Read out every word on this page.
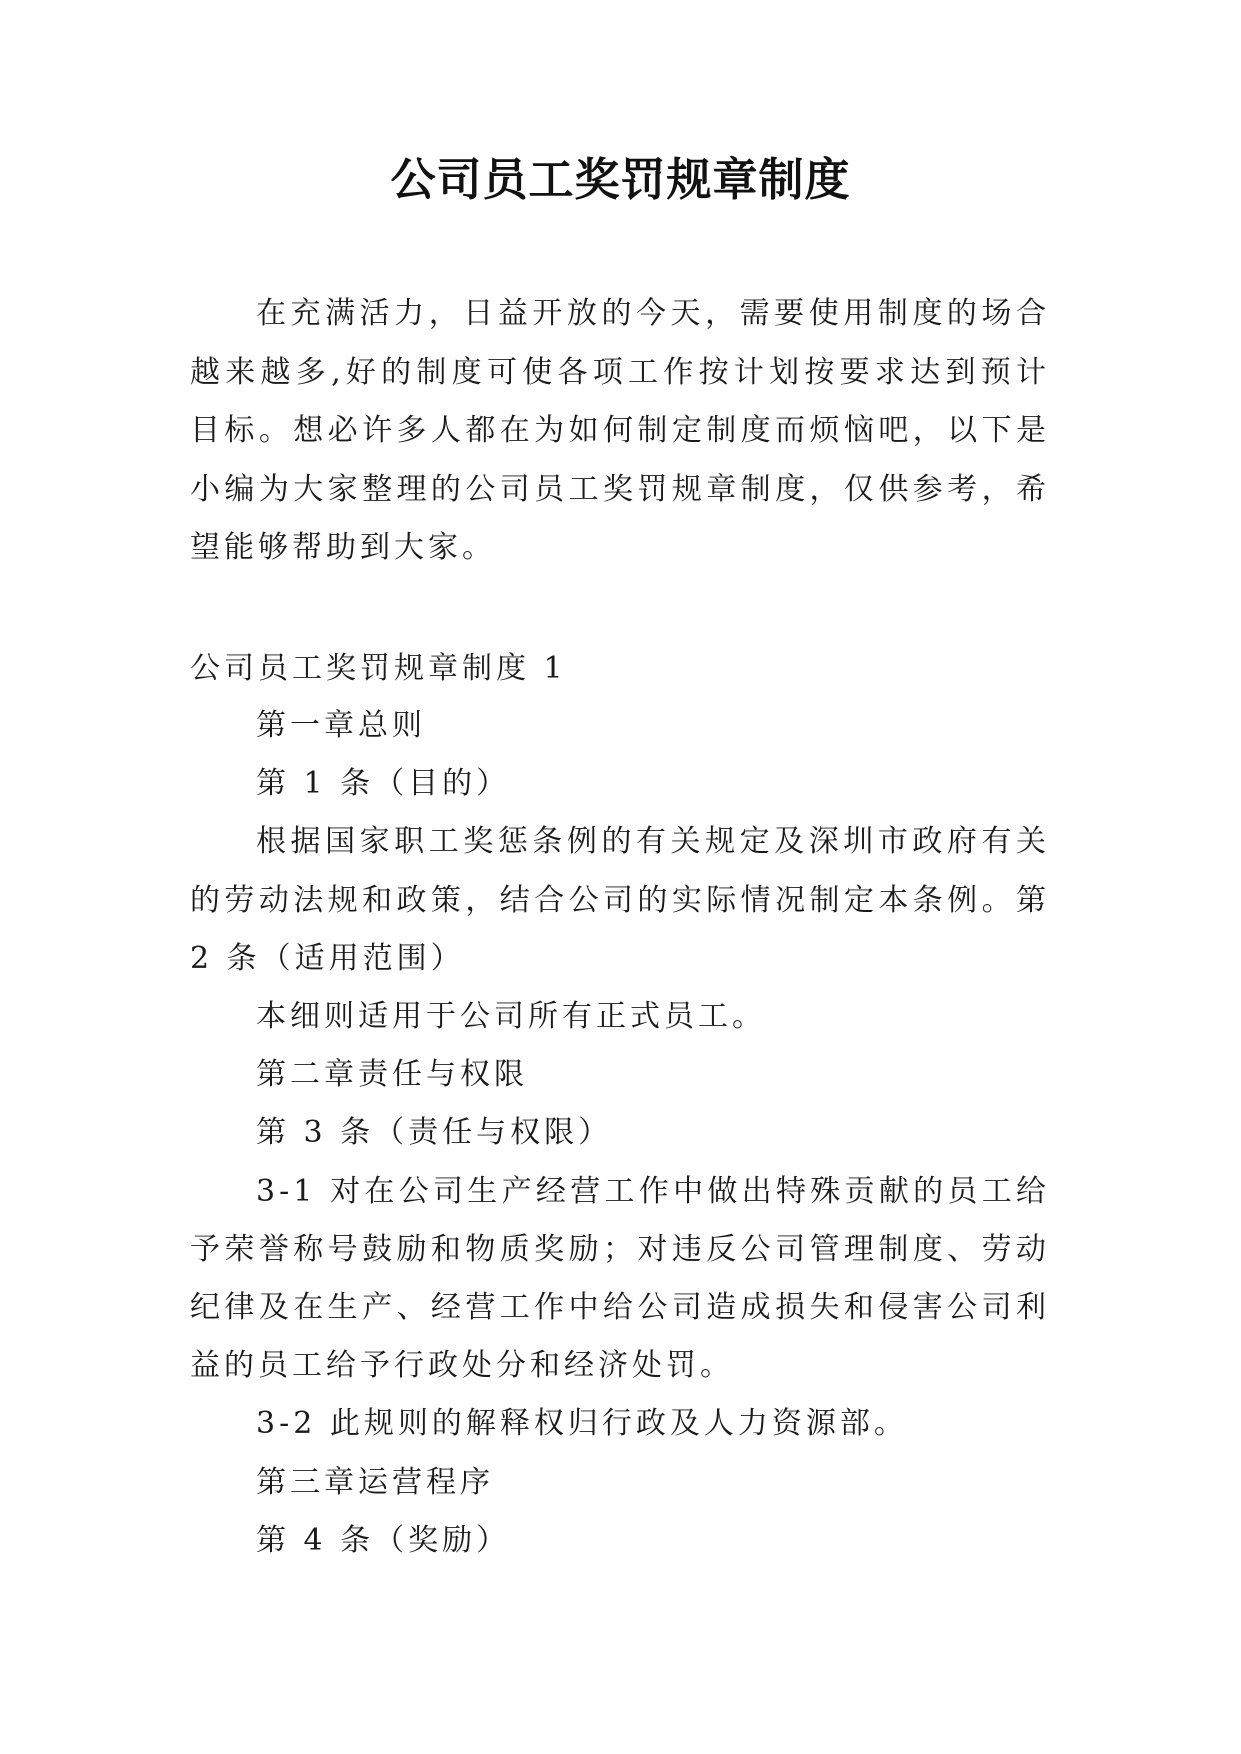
公司员工奖罚规章制度

在充满活力，日益开放的今天，需要使用制度的场合越来越多,好的制度可使各项工作按计划按要求达到预计目标。想必许多人都在为如何制定制度而烦恼吧，以下是小编为大家整理的公司员工奖罚规章制度，仅供参考，希望能够帮助到大家。

公司员工奖罚规章制度 1

第一章总则

第 1 条（目的）

根据国家职工奖惩条例的有关规定及深圳市政府有关的劳动法规和政策，结合公司的实际情况制定本条例。第 2 条（适用范围）

本细则适用于公司所有正式员工。

第二章责任与权限

第 3 条（责任与权限）

3-1 对在公司生产经营工作中做出特殊贡献的员工给予荣誉称号鼓励和物质奖励；对违反公司管理制度、劳动纪律及在生产、经营工作中给公司造成损失和侵害公司利益的员工给予行政处分和经济处罚。

3-2 此规则的解释权归行政及人力资源部。

第三章运营程序

第 4 条（奖励）
